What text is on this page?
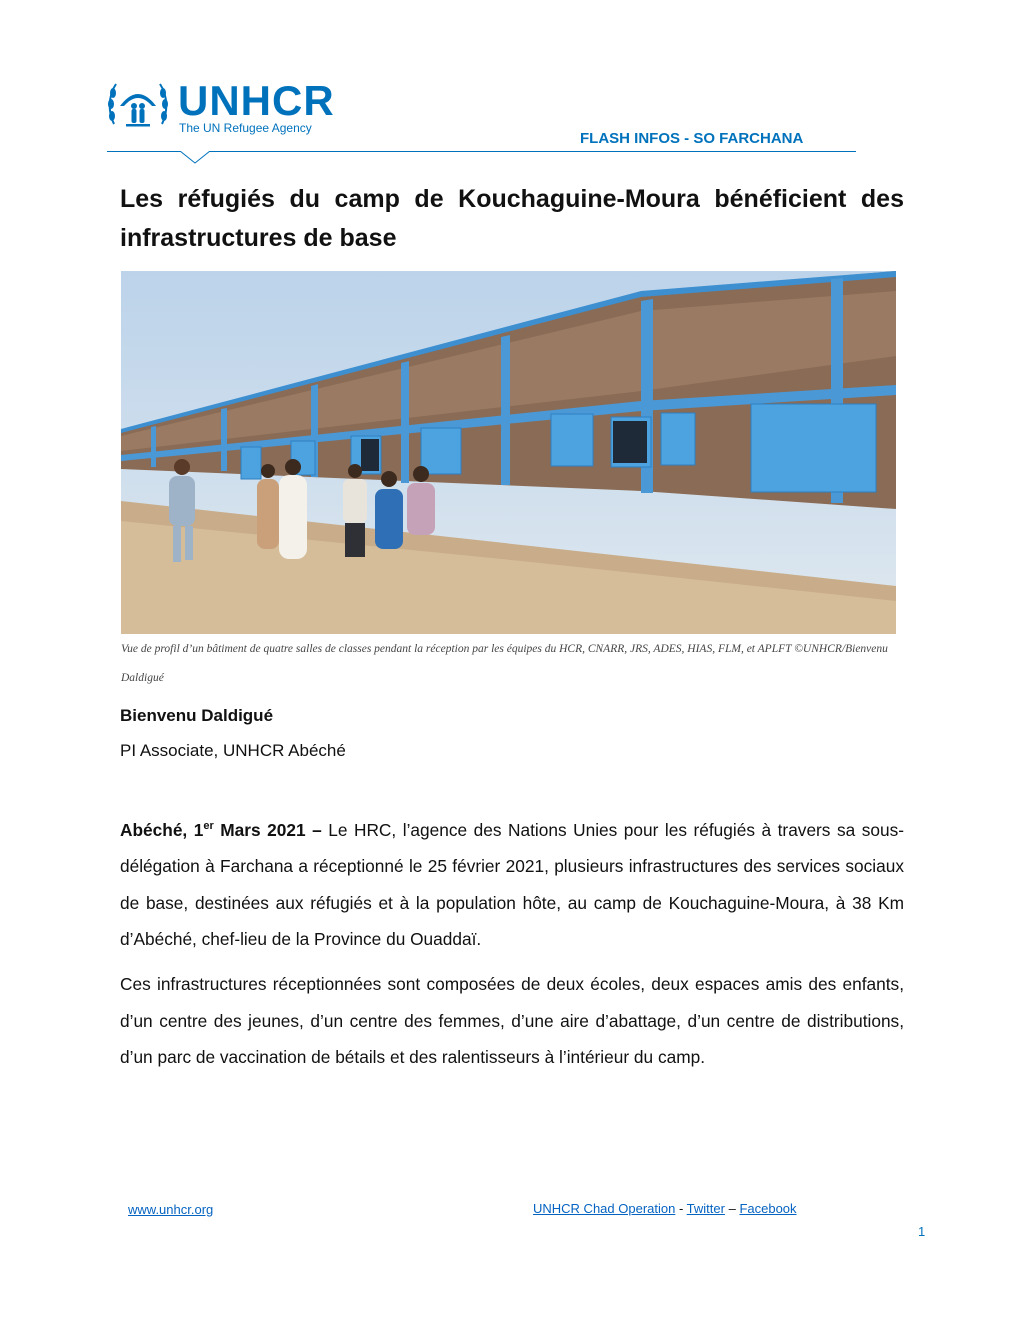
UNHCR
The UN Refugee Agency
FLASH INFOS - SO FARCHANA
Les réfugiés du camp de Kouchaguine-Moura bénéficient des infrastructures de base
Vue de profil d’un bâtiment de quatre salles de classes pendant la réception par les équipes du HCR, CNARR, JRS, ADES, HIAS, FLM, et APLFT ©UNHCR/Bienvenu Daldigué
Bienvenu Daldigué
PI Associate, UNHCR Abéché

Abéché, 1er Mars 2021 – Le HRC, l’agence des Nations Unies pour les réfugiés à travers sa sous-délégation à Farchana a réceptionné le 25 février 2021, plusieurs infrastructures des services sociaux de base, destinées aux réfugiés et à la population hôte, au camp de Kouchaguine-Moura, à 38 Km d’Abéché, chef-lieu de la Province du Ouaddaï.

Ces infrastructures réceptionnées sont composées de deux écoles, deux espaces amis des enfants, d’un centre des jeunes, d’un centre des femmes, d’une aire d’abattage, d’un centre de distributions, d’un parc de vaccination de bétails et des ralentisseurs à l’intérieur du camp.

www.unhcr.org	UNHCR Chad Operation - Twitter – Facebook
1
